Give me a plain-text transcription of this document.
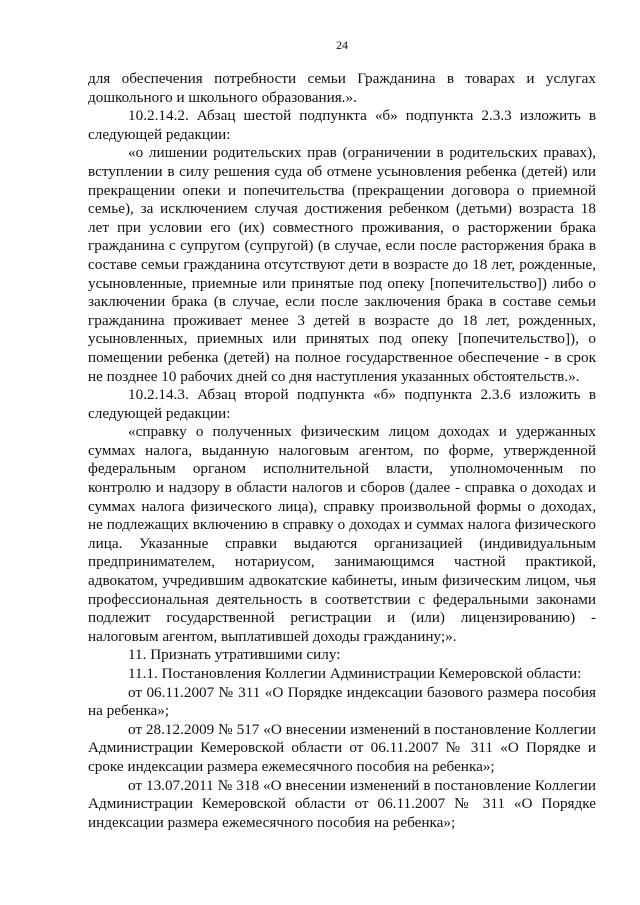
24

для обеспечения потребности семьи Гражданина в товарах и услугах дошкольного и школьного образования.».

10.2.14.2. Абзац шестой подпункта «б» подпункта 2.3.3 изложить в следующей редакции:

«о лишении родительских прав (ограничении в родительских правах), вступлении в силу решения суда об отмене усыновления ребенка (детей) или прекращении опеки и попечительства (прекращении договора о приемной семье), за исключением случая достижения ребенком (детьми) возраста 18 лет при условии его (их) совместного проживания, о расторжении брака гражданина с супругом (супругой) (в случае, если после расторжения брака в составе семьи гражданина отсутствуют дети в возрасте до 18 лет, рожденные, усыновленные, приемные или принятые под опеку [попечительство]) либо о заключении брака (в случае, если после заключения брака в составе семьи гражданина проживает менее 3 детей в возрасте до 18 лет, рожденных, усыновленных, приемных или принятых под опеку [попечительство]), о помещении ребенка (детей) на полное государственное обеспечение - в срок не позднее 10 рабочих дней со дня наступления указанных обстоятельств.».

10.2.14.3. Абзац второй подпункта «б» подпункта 2.3.6 изложить в следующей редакции:

«справку о полученных физическим лицом доходах и удержанных суммах налога, выданную налоговым агентом, по форме, утвержденной федеральным органом исполнительной власти, уполномоченным по контролю и надзору в области налогов и сборов (далее - справка о доходах и суммах налога физического лица), справку произвольной формы о доходах, не подлежащих включению в справку о доходах и суммах налога физического лица. Указанные справки выдаются организацией (индивидуальным предпринимателем, нотариусом, занимающимся частной практикой, адвокатом, учредившим адвокатские кабинеты, иным физическим лицом, чья профессиональная деятельность в соответствии с федеральными законами подлежит государственной регистрации и (или) лицензированию) - налоговым агентом, выплатившей доходы гражданину;».

11. Признать утратившими силу:

11.1. Постановления Коллегии Администрации Кемеровской области:

от 06.11.2007 № 311 «О Порядке индексации базового размера пособия на ребенка»;

от 28.12.2009 № 517 «О внесении изменений в постановление Коллегии Администрации Кемеровской области от 06.11.2007 № 311 «О Порядке и сроке индексации размера ежемесячного пособия на ребенка»;

от 13.07.2011 № 318 «О внесении изменений в постановление Коллегии Администрации Кемеровской области от 06.11.2007 № 311 «О Порядке индексации размера ежемесячного пособия на ребенка»;
